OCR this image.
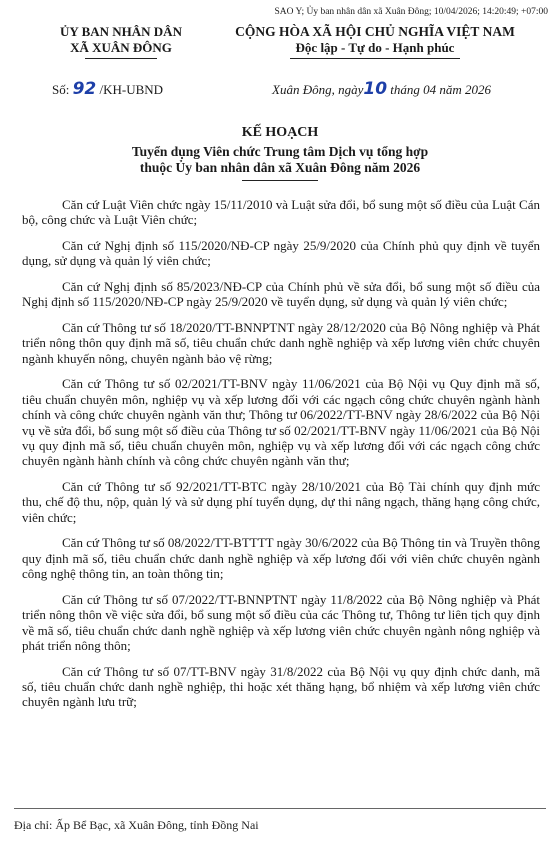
SAO Y; Ủy ban nhân dân xã Xuân Đông; 10/04/2026; 14:20:49; +07:00
ỦY BAN NHÂN DÂN
XÃ XUÂN ĐÔNG
CỘNG HÒA XÃ HỘI CHỦ NGHĨA VIỆT NAM
Độc lập - Tự do - Hạnh phúc
Số: 92 /KH-UBND	Xuân Đông, ngày10 tháng 04 năm 2026
KẾ HOẠCH
Tuyển dụng Viên chức Trung tâm Dịch vụ tổng hợp
thuộc Ủy ban nhân dân xã Xuân Đông năm 2026

Căn cứ Luật Viên chức ngày 15/11/2010 và Luật sửa đổi, bổ sung một số điều của Luật Cán bộ, công chức và Luật Viên chức;

Căn cứ Nghị định số 115/2020/NĐ-CP ngày 25/9/2020 của Chính phủ quy định về tuyển dụng, sử dụng và quản lý viên chức;

Căn cứ Nghị định số 85/2023/NĐ-CP của Chính phủ về sửa đổi, bổ sung một số điều của Nghị định số 115/2020/NĐ-CP ngày 25/9/2020 về tuyển dụng, sử dụng và quản lý viên chức;

Căn cứ Thông tư số 18/2020/TT-BNNPTNT ngày 28/12/2020 của Bộ Nông nghiệp và Phát triển nông thôn quy định mã số, tiêu chuẩn chức danh nghề nghiệp và xếp lương viên chức chuyên ngành khuyến nông, chuyên ngành bảo vệ rừng;

Căn cứ Thông tư số 02/2021/TT-BNV ngày 11/06/2021 của Bộ Nội vụ Quy định mã số, tiêu chuẩn chuyên môn, nghiệp vụ và xếp lương đối với các ngạch công chức chuyên ngành hành chính và công chức chuyên ngành văn thư; Thông tư 06/2022/TT-BNV ngày 28/6/2022 của Bộ Nội vụ về sửa đổi, bổ sung một số điều của Thông tư số 02/2021/TT-BNV ngày 11/06/2021 của Bộ Nội vụ quy định mã số, tiêu chuẩn chuyên môn, nghiệp vụ và xếp lương đối với các ngạch công chức chuyên ngành hành chính và công chức chuyên ngành văn thư;

Căn cứ Thông tư số 92/2021/TT-BTC ngày 28/10/2021 của Bộ Tài chính quy định mức thu, chế độ thu, nộp, quản lý và sử dụng phí tuyển dụng, dự thi nâng ngạch, thăng hạng công chức, viên chức;

Căn cứ Thông tư số 08/2022/TT-BTTTT ngày 30/6/2022 của Bộ Thông tin và Truyền thông quy định mã số, tiêu chuẩn chức danh nghề nghiệp và xếp lương đối với viên chức chuyên ngành công nghệ thông tin, an toàn thông tin;

Căn cứ Thông tư số 07/2022/TT-BNNPTNT ngày 11/8/2022 của Bộ Nông nghiệp và Phát triển nông thôn về việc sửa đổi, bổ sung một số điều của các Thông tư, Thông tư liên tịch quy định về mã số, tiêu chuẩn chức danh nghề nghiệp và xếp lương viên chức chuyên ngành nông nghiệp và phát triển nông thôn;

Căn cứ Thông tư số 07/TT-BNV ngày 31/8/2022 của Bộ Nội vụ quy định chức danh, mã số, tiêu chuẩn chức danh nghề nghiệp, thi hoặc xét thăng hạng, bổ nhiệm và xếp lương viên chức chuyên ngành lưu trữ;

Địa chỉ: Ấp Bể Bạc, xã Xuân Đông, tỉnh Đồng Nai
